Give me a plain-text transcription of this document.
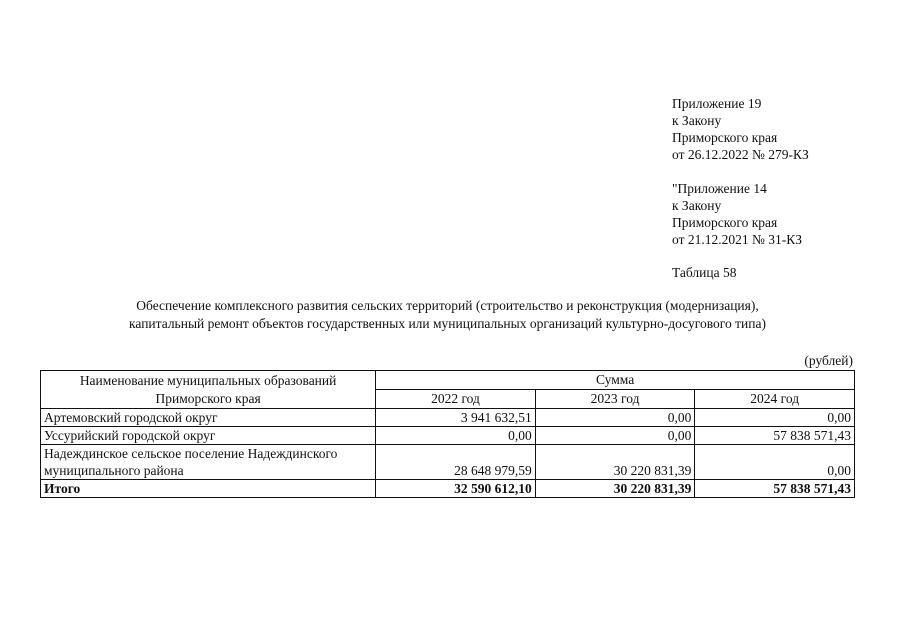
Приложение 19
к Закону
Приморского края
от 26.12.2022 № 279-КЗ
"Приложение 14
к Закону
Приморского края
от 21.12.2021 № 31-КЗ
Таблица 58
Обеспечение комплексного развития сельских территорий (строительство и реконструкция (модернизация),
капитальный ремонт объектов государственных или муниципальных организаций культурно-досугового типа)
(рублей)
Наименование муниципальных образований
Приморского края	Сумма		
	2022 год	2023 год	2024 год
Артемовский городской округ	3 941 632,51	0,00	0,00
Уссурийский городской округ	0,00	0,00	57 838 571,43

Надеждинское сельское поселение Надеждинского
муниципального района	28 648 979,59	30 220 831,39	0,00
Итого	32 590 612,10	30 220 831,39	57 838 571,43
